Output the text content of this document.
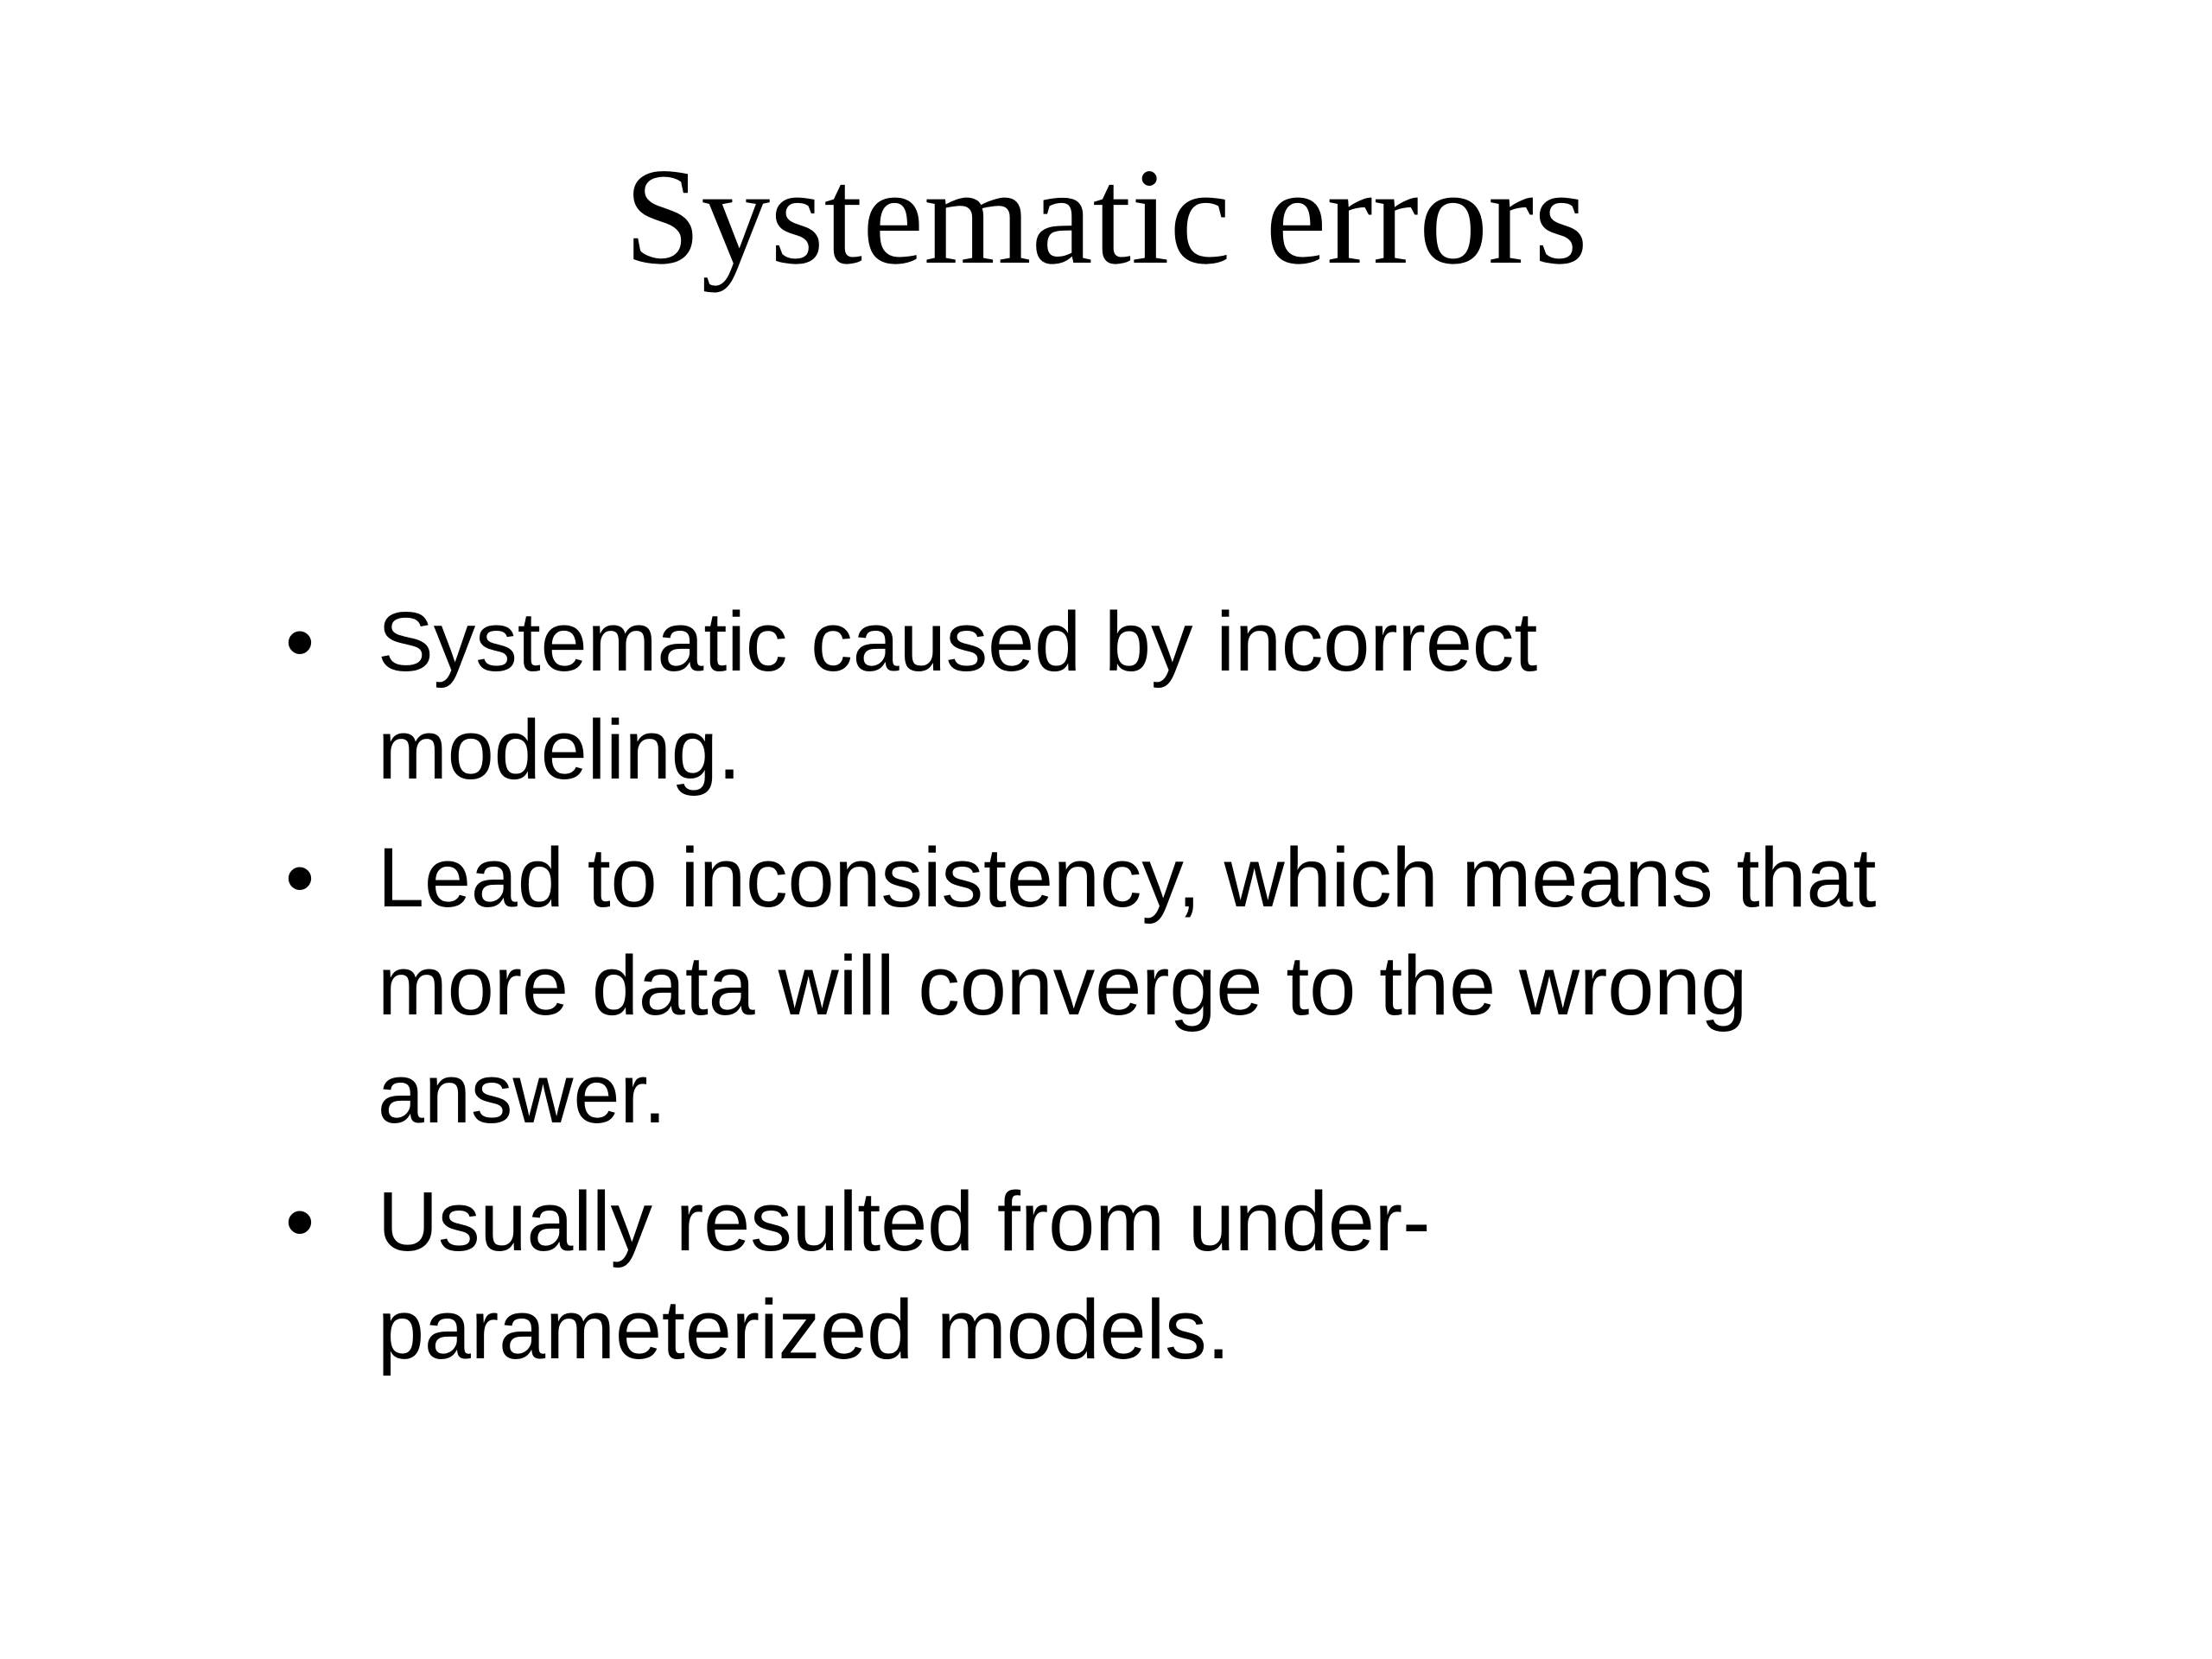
Systematic errors
• Systematic caused by incorrect modeling.
• Lead to inconsistency, which means that more data will converge to the wrong answer.
• Usually resulted from under-parameterized models.
